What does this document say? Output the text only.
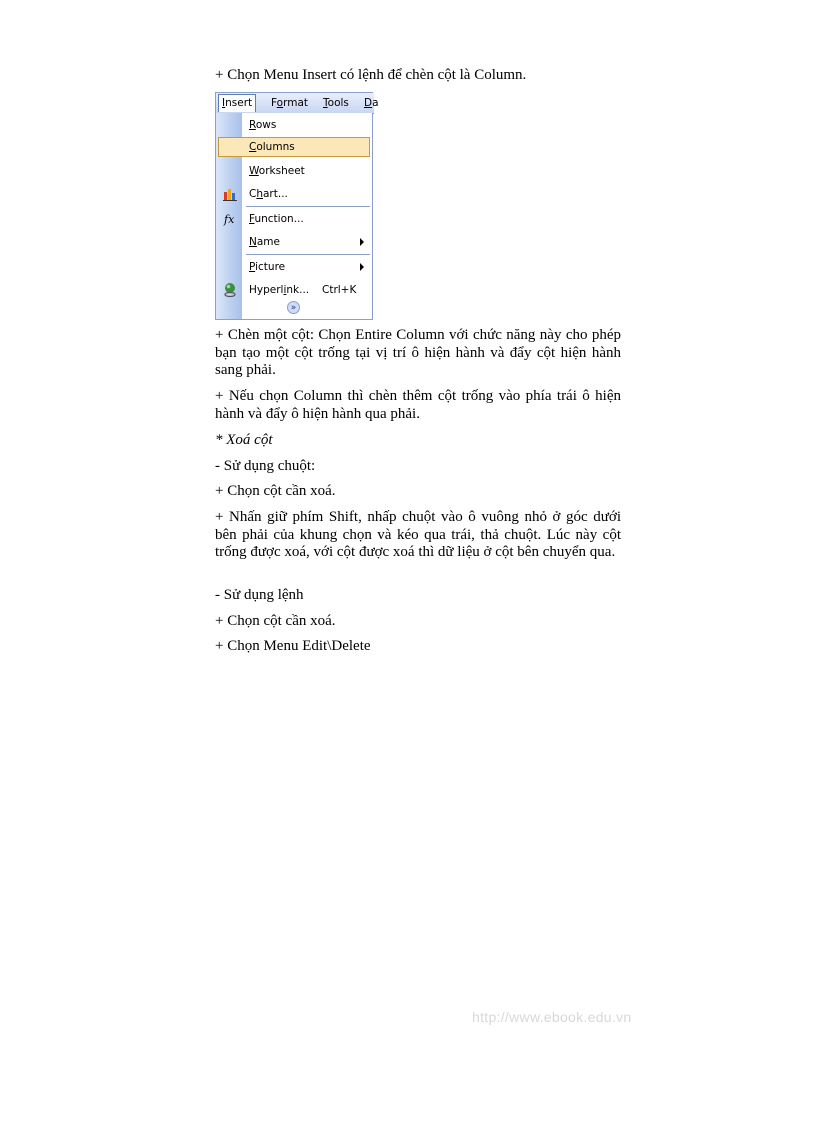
+ Chọn Menu Insert có lệnh để chèn cột là Column.

Insert	Format Tools Da
Rows
Columns
Worksheet
Chart...
fx Function...
Name
Picture
Hyperlink... Ctrl+K
»

+ Chèn một cột: Chọn Entire Column với chức năng này cho phép bạn tạo một cột trống tại vị trí ô hiện hành và đẩy cột hiện hành sang phải.

+ Nếu chọn Column thì chèn thêm cột trống vào phía trái ô hiện hành và đẩy ô hiện hành qua phải.

* Xoá cột

- Sử dụng chuột:

+ Chọn cột cần xoá.

+ Nhấn giữ phím Shift, nhấp chuột vào ô vuông nhỏ ở góc dưới bên phải của khung chọn và kéo qua trái, thả chuột. Lúc này cột trống được xoá, với cột được xoá thì dữ liệu ở cột bên chuyển qua.

- Sử dụng lệnh

+ Chọn cột cần xoá.

+ Chọn Menu Edit\Delete

http://www.ebook.edu.vn
